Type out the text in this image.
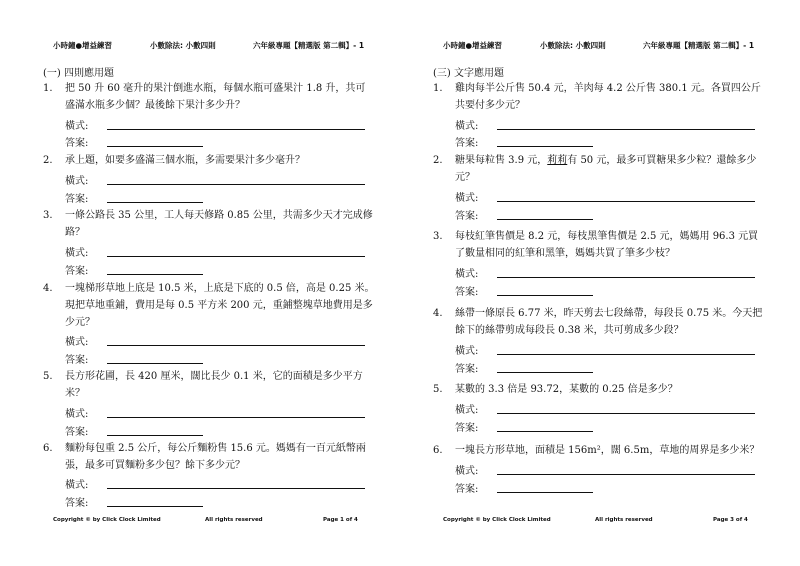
小時鐘●增益練習	小數除法: 小數四則	六年級專題【精選版 第二輯】- 1
(一) 四則應用題
1. 把 50 升 60 毫升的果汁倒進水瓶，每個水瓶可盛果汁 1.8 升，共可盛滿水瓶多少個？最後餘下果汁多少升？
橫式:
答案:
2. 承上題，如要多盛滿三個水瓶，多需要果汁多少毫升？
橫式:
答案:
3. 一條公路長 35 公里，工人每天修路 0.85 公里，共需多少天才完成修路？
橫式:
答案:
4. 一塊梯形草地上底是 10.5 米，上底是下底的 0.5 倍，高是 0.25 米。現把草地重鋪，費用是每 0.5 平方米 200 元，重鋪整塊草地費用是多少元？
橫式:
答案:
5. 長方形花圃，長 420 厘米，闊比長少 0.1 米，它的面積是多少平方米？
橫式:
答案:
6. 麵粉每包重 2.5 公斤，每公斤麵粉售 15.6 元。媽媽有一百元紙幣兩張，最多可買麵粉多少包？餘下多少元？
橫式:
答案:
Copyright © by Click Clock Limited	All rights reserved	Page 1 of 4
小時鐘●增益練習	小數除法: 小數四則	六年級專題【精選版 第二輯】- 1
(三) 文字應用題
1. 雞肉每半公斤售 50.4 元，羊肉每 4.2 公斤售 380.1 元。各買四公斤共要付多少元？
橫式:
答案:
2. 糖果每粒售 3.9 元，莉莉有 50 元，最多可買糖果多少粒？還餘多少元？
橫式:
答案:
3. 每枝紅筆售價是 8.2 元，每枝黑筆售價是 2.5 元，媽媽用 96.3 元買了數量相同的紅筆和黑筆，媽媽共買了筆多少枝？
橫式:
答案:
4. 絲帶一條原長 6.77 米，昨天剪去七段絲帶，每段長 0.75 米。今天把餘下的絲帶剪成每段長 0.38 米，共可剪成多少段？
橫式:
答案:
5. 某數的 3.3 倍是 93.72，某數的 0.25 倍是多少？
橫式:
答案:
6. 一塊長方形草地，面積是 156m²，闊 6.5m，草地的周界是多少米？
橫式:
答案:
Copyright © by Click Clock Limited	All rights reserved	Page 3 of 4
